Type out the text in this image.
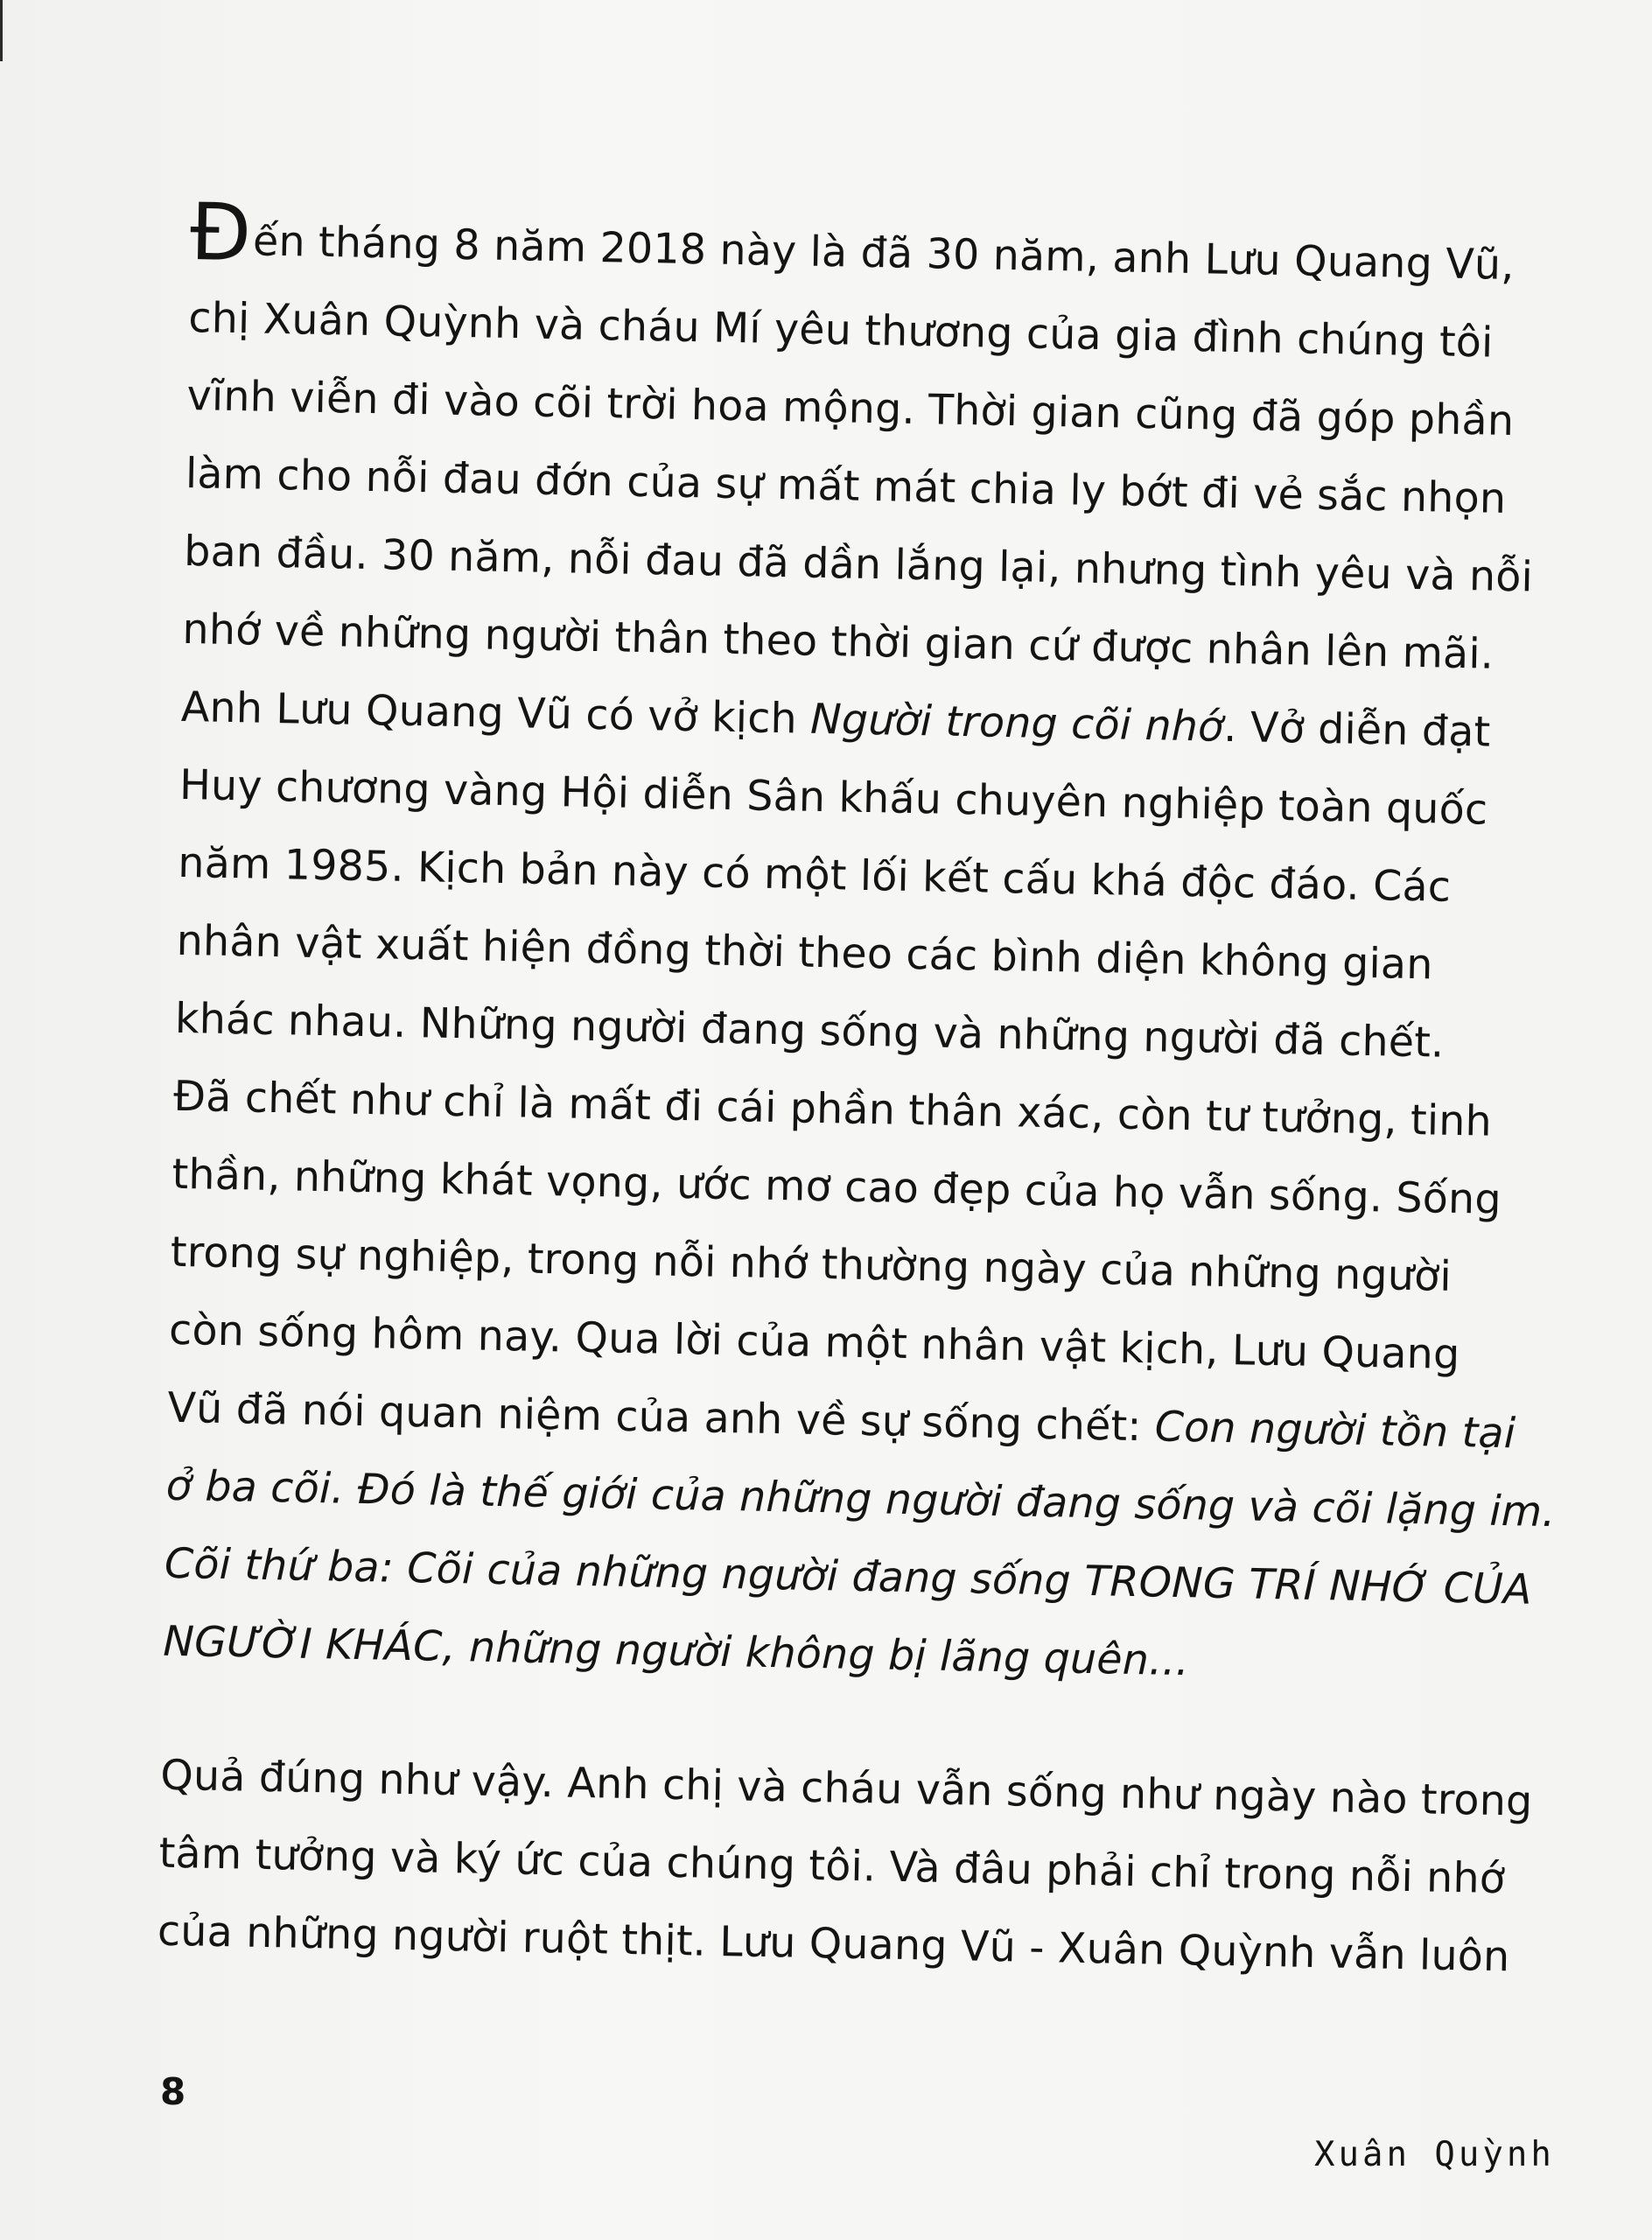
Đến tháng 8 năm 2018 này là đã 30 năm, anh Lưu Quang Vũ,
chị Xuân Quỳnh và cháu Mí yêu thương của gia đình chúng tôi
vĩnh viễn đi vào cõi trời hoa mộng. Thời gian cũng đã góp phần
làm cho nỗi đau đớn của sự mất mát chia ly bớt đi vẻ sắc nhọn
ban đầu. 30 năm, nỗi đau đã dần lắng lại, nhưng tình yêu và nỗi
nhớ về những người thân theo thời gian cứ được nhân lên mãi.
Anh Lưu Quang Vũ có vở kịch Người trong cõi nhớ. Vở diễn đạt
Huy chương vàng Hội diễn Sân khấu chuyên nghiệp toàn quốc
năm 1985. Kịch bản này có một lối kết cấu khá độc đáo. Các
nhân vật xuất hiện đồng thời theo các bình diện không gian
khác nhau. Những người đang sống và những người đã chết.
Đã chết như chỉ là mất đi cái phần thân xác, còn tư tưởng, tinh
thần, những khát vọng, ước mơ cao đẹp của họ vẫn sống. Sống
trong sự nghiệp, trong nỗi nhớ thường ngày của những người
còn sống hôm nay. Qua lời của một nhân vật kịch, Lưu Quang
Vũ đã nói quan niệm của anh về sự sống chết: Con người tồn tại
ở ba cõi. Đó là thế giới của những người đang sống và cõi lặng im.
Cõi thứ ba: Cõi của những người đang sống TRONG TRÍ NHỚ CỦA
NGƯỜI KHÁC, những người không bị lãng quên...

Quả đúng như vậy. Anh chị và cháu vẫn sống như ngày nào trong
tâm tưởng và ký ức của chúng tôi. Và đâu phải chỉ trong nỗi nhớ
của những người ruột thịt. Lưu Quang Vũ - Xuân Quỳnh vẫn luôn

8
Xuân Quỳnh
